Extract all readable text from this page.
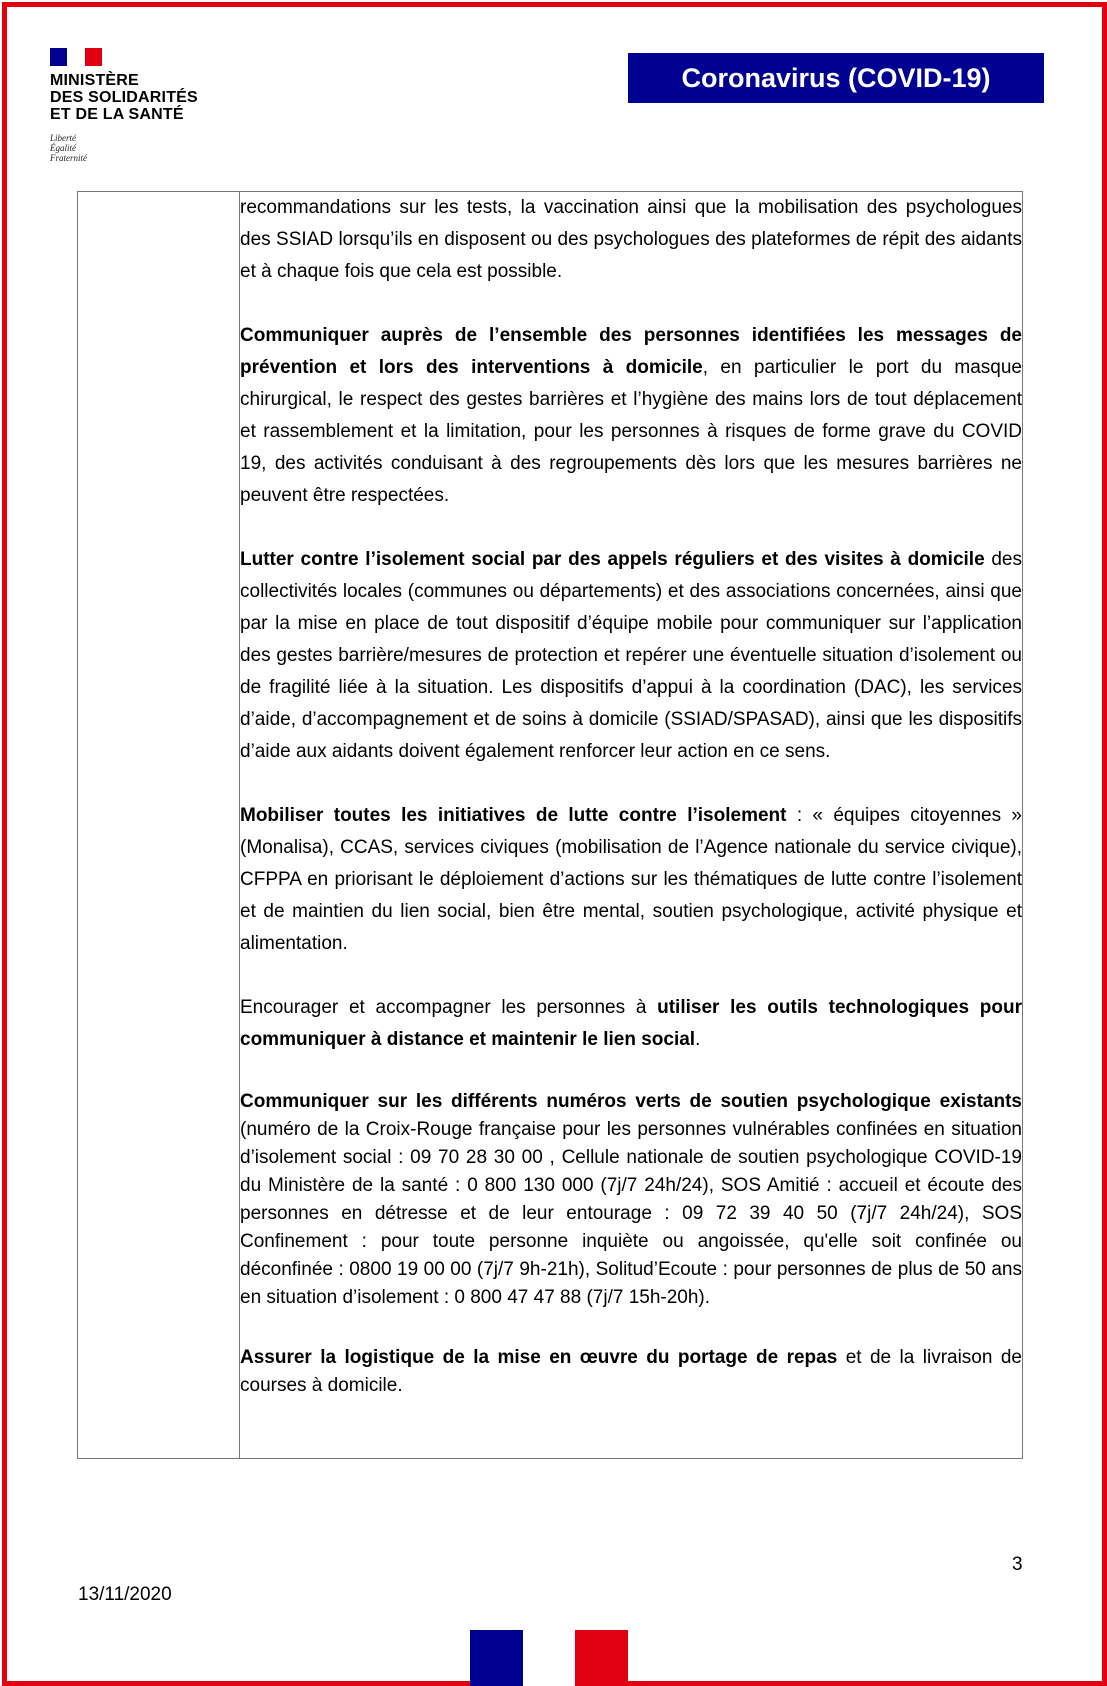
MINISTÈRE
DES SOLIDARITÉS
ET DE LA SANTÉ
Liberté
Égalité
Fraternité
Coronavirus (COVID-19)

recommandations sur les tests, la vaccination ainsi que la mobilisation des psychologues des SSIAD lorsqu’ils en disposent ou des psychologues des plateformes de répit des aidants et à chaque fois que cela est possible.

Communiquer auprès de l’ensemble des personnes identifiées les messages de prévention et lors des interventions à domicile, en particulier le port du masque chirurgical, le respect des gestes barrières et l’hygiène des mains lors de tout déplacement et rassemblement et la limitation, pour les personnes à risques de forme grave du COVID 19, des activités conduisant à des regroupements dès lors que les mesures barrières ne peuvent être respectées.

Lutter contre l’isolement social par des appels réguliers et des visites à domicile des collectivités locales (communes ou départements) et des associations concernées, ainsi que par la mise en place de tout dispositif d’équipe mobile pour communiquer sur l’application des gestes barrière/mesures de protection et repérer une éventuelle situation d’isolement ou de fragilité liée à la situation. Les dispositifs d’appui à la coordination (DAC), les services d’aide, d’accompagnement et de soins à domicile (SSIAD/SPASAD), ainsi que les dispositifs d’aide aux aidants doivent également renforcer leur action en ce sens.

Mobiliser toutes les initiatives de lutte contre l’isolement : « équipes citoyennes » (Monalisa), CCAS, services civiques (mobilisation de l’Agence nationale du service civique), CFPPA en priorisant le déploiement d’actions sur les thématiques de lutte contre l’isolement et de maintien du lien social, bien être mental, soutien psychologique, activité physique et alimentation.

Encourager et accompagner les personnes à utiliser les outils technologiques pour communiquer à distance et maintenir le lien social.

Communiquer sur les différents numéros verts de soutien psychologique existants (numéro de la Croix-Rouge française pour les personnes vulnérables confinées en situation d’isolement social : 09 70 28 30 00 , Cellule nationale de soutien psychologique COVID-19 du Ministère de la santé : 0 800 130 000 (7j/7 24h/24), SOS Amitié : accueil et écoute des personnes en détresse et de leur entourage : 09 72 39 40 50 (7j/7 24h/24), SOS Confinement : pour toute personne inquiète ou angoissée, qu'elle soit confinée ou déconfinée : 0800 19 00 00 (7j/7 9h-21h), Solitud’Ecoute : pour personnes de plus de 50 ans en situation d’isolement : 0 800 47 47 88 (7j/7 15h-20h).

Assurer la logistique de la mise en œuvre du portage de repas et de la livraison de courses à domicile.

3
13/11/2020
